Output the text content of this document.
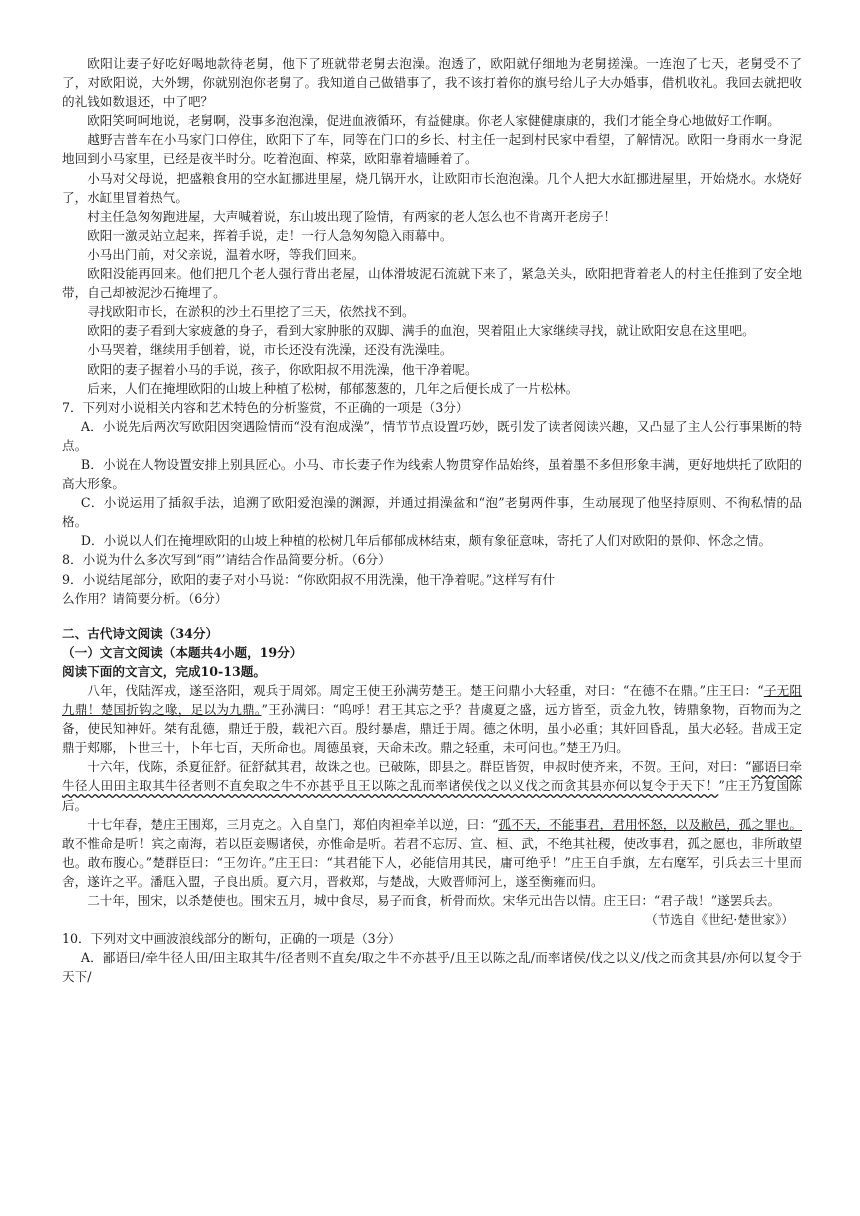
欧阳让妻子好吃好喝地款待老舅，他下了班就带老舅去泡澡。泡透了，欧阳就仔细地为老舅搓澡。一连泡了七天，老舅受不了了，对欧阳说，大外甥，你就别泡你老舅了。我知道自己做错事了，我不该打着你的旗号给儿子大办婚事，借机收礼。我回去就把收的礼钱如数退还，中了吧？

欧阳笑呵呵地说，老舅啊，没事多泡泡澡，促进血液循环，有益健康。你老人家健健康康的，我们才能全身心地做好工作啊。

越野吉普车在小马家门口停住，欧阳下了车，同等在门口的乡长、村主任一起到村民家中看望，了解情况。欧阳一身雨水一身泥地回到小马家里，已经是夜半时分。吃着泡面、榨菜，欧阳靠着墙睡着了。

小马对父母说，把盛粮食用的空水缸挪进里屋，烧几锅开水，让欧阳市长泡泡澡。几个人把大水缸挪进屋里，开始烧水。水烧好了，水缸里冒着热气。

村主任急匆匆跑进屋，大声喊着说，东山坡出现了险情，有两家的老人怎么也不肯离开老房子！

欧阳一激灵站立起来，挥着手说，走！一行人急匆匆隐入雨幕中。

小马出门前，对父亲说，温着水呀，等我们回来。

欧阳没能再回来。他们把几个老人强行背出老屋，山体滑坡泥石流就下来了，紧急关头，欧阳把背着老人的村主任推到了安全地带，自己却被泥沙石掩埋了。

寻找欧阳市长，在淤积的沙土石里挖了三天，依然找不到。

欧阳的妻子看到大家疲惫的身子，看到大家肿胀的双脚、满手的血泡，哭着阻止大家继续寻找，就让欧阳安息在这里吧。

小马哭着，继续用手刨着，说，市长还没有洗澡，还没有洗澡哇。

欧阳的妻子握着小马的手说，孩子，你欧阳叔不用洗澡，他干净着呢。

后来，人们在掩埋欧阳的山坡上种植了松树，郁郁葱葱的，几年之后便长成了一片松林。

7．下列对小说相关内容和艺术特色的分析鉴赏，不正确的一项是（3分）

A．小说先后两次写欧阳因突遇险情而“没有泡成澡”，情节节点设置巧妙，既引发了读者阅读兴趣，又凸显了主人公行事果断的特点。

B．小说在人物设置安排上别具匠心。小马、市长妻子作为线索人物贯穿作品始终，虽着墨不多但形象丰满，更好地烘托了欧阳的高大形象。

C．小说运用了插叙手法，追溯了欧阳爱泡澡的渊源，并通过捐澡盆和“泡”老舅两件事，生动展现了他坚持原则、不徇私情的品格。

D．小说以人们在掩埋欧阳的山坡上种植的松树几年后郁郁成林结束，颇有象征意味，寄托了人们对欧阳的景仰、怀念之情。

8．小说为什么多次写到“雨”’请结合作品简要分析。（6分）

9．小说结尾部分，欧阳的妻子对小马说：“你欧阳叔不用洗澡，他干净着呢。”这样写有什

么作用？请简要分析。（6分）

二、古代诗文阅读（34分）

（一）文言文阅读（本题共4小题，19分）

阅读下面的文言文，完成10-13题。

八年，伐陆浑戎，遂至洛阳，观兵于周郊。周定王使王孙满劳楚王。楚王问鼎小大轻重，对曰：“在德不在鼎。”庄王曰：“子无阻九鼎！楚国折钩之喙，足以为九鼎。”王孙满曰：“呜呼！君王其忘之乎？昔虞夏之盛，远方皆至，贡金九牧，铸鼎象物，百物而为之备，使民知神奸。桀有乱德，鼎迁于殷，载祀六百。殷纣暴虐，鼎迁于周。德之休明，虽小必重；其奸回昏乱，虽大必轻。昔成王定鼎于郏鄏，卜世三十，卜年七百，天所命也。周德虽衰，天命未改。鼎之轻重，未可问也。”楚王乃归。

十六年，伐陈，杀夏征舒。征舒弑其君，故诛之也。已破陈，即县之。群臣皆贺，申叔时使齐来，不贺。王问，对曰：“鄙语曰牵牛径人田田主取其牛径者则不直矣取之牛不亦甚乎且王以陈之乱而率诸侯伐之以义伐之而贪其县亦何以复令于天下！”庄王乃复国陈后。

十七年春，楚庄王围郑，三月克之。入自皇门，郑伯肉袒牵羊以逆，曰：“孤不天，不能事君，君用怀怒，以及敝邑，孤之罪也。敢不惟命是听！宾之南海，若以臣妾赐诸侯，亦惟命是听。若君不忘厉、宣、桓、武，不绝其社稷，使改事君，孤之愿也，非所敢望也。敢布腹心。”楚群臣曰：“王勿许。”庄王曰：“其君能下人，必能信用其民，庸可绝乎！”庄王自手旗，左右麾军，引兵去三十里而舍，遂许之平。潘尫入盟，子良出质。夏六月，晋救郑，与楚战，大败晋师河上，遂至衡雍而归。

二十年，围宋，以杀楚使也。围宋五月，城中食尽，易子而食，析骨而炊。宋华元出告以情。庄王曰：“君子哉！”遂罢兵去。

（节选自《世纪·楚世家》）

10．下列对文中画波浪线部分的断句，正确的一项是（3分）

A．鄙语曰/牵牛径人田/田主取其牛/径者则不直矣/取之牛不亦甚乎/且王以陈之乱/而率诸侯/伐之以义/伐之而贪其县/亦何以复令于天下/
